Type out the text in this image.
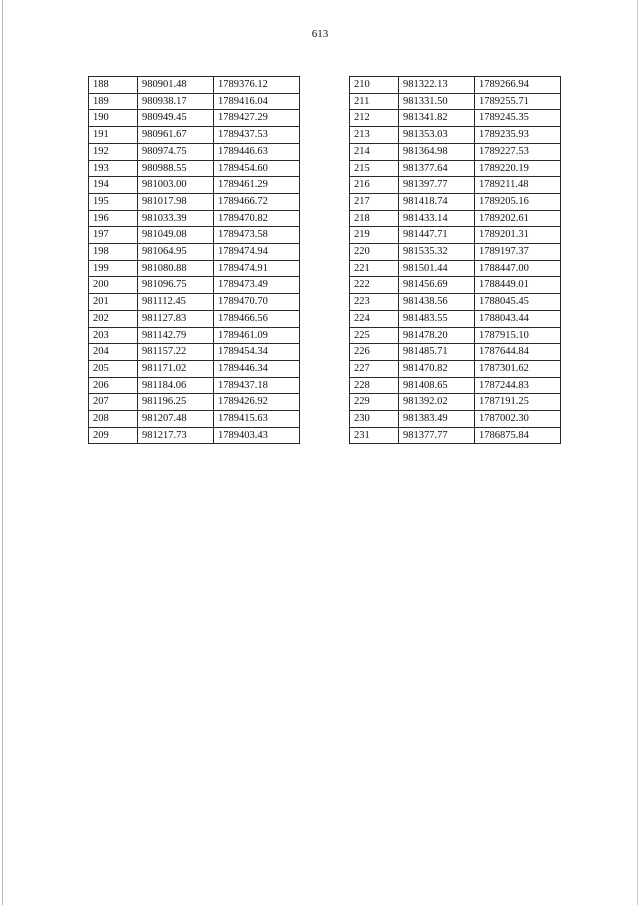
613
188	980901.48	1789376.12
189	980938.17	1789416.04
190	980949.45	1789427.29
191	980961.67	1789437.53
192	980974.75	1789446.63
193	980988.55	1789454.60
194	981003.00	1789461.29
195	981017.98	1789466.72
196	981033.39	1789470.82
197	981049.08	1789473.58
198	981064.95	1789474.94
199	981080.88	1789474.91
200	981096.75	1789473.49
201	981112.45	1789470.70
202	981127.83	1789466.56
203	981142.79	1789461.09
204	981157.22	1789454.34
205	981171.02	1789446.34
206	981184.06	1789437.18
207	981196.25	1789426.92
208	981207.48	1789415.63
209	981217.73	1789403.43
210	981322.13	1789266.94
211	981331.50	1789255.71
212	981341.82	1789245.35
213	981353.03	1789235.93
214	981364.98	1789227.53
215	981377.64	1789220.19
216	981397.77	1789211.48
217	981418.74	1789205.16
218	981433.14	1789202.61
219	981447.71	1789201.31
220	981535.32	1789197.37
221	981501.44	1788447.00
222	981456.69	1788449.01
223	981438.56	1788045.45
224	981483.55	1788043.44
225	981478.20	1787915.10
226	981485.71	1787644.84
227	981470.82	1787301.62
228	981408.65	1787244.83
229	981392.02	1787191.25
230	981383.49	1787002.30
231	981377.77	1786875.84
